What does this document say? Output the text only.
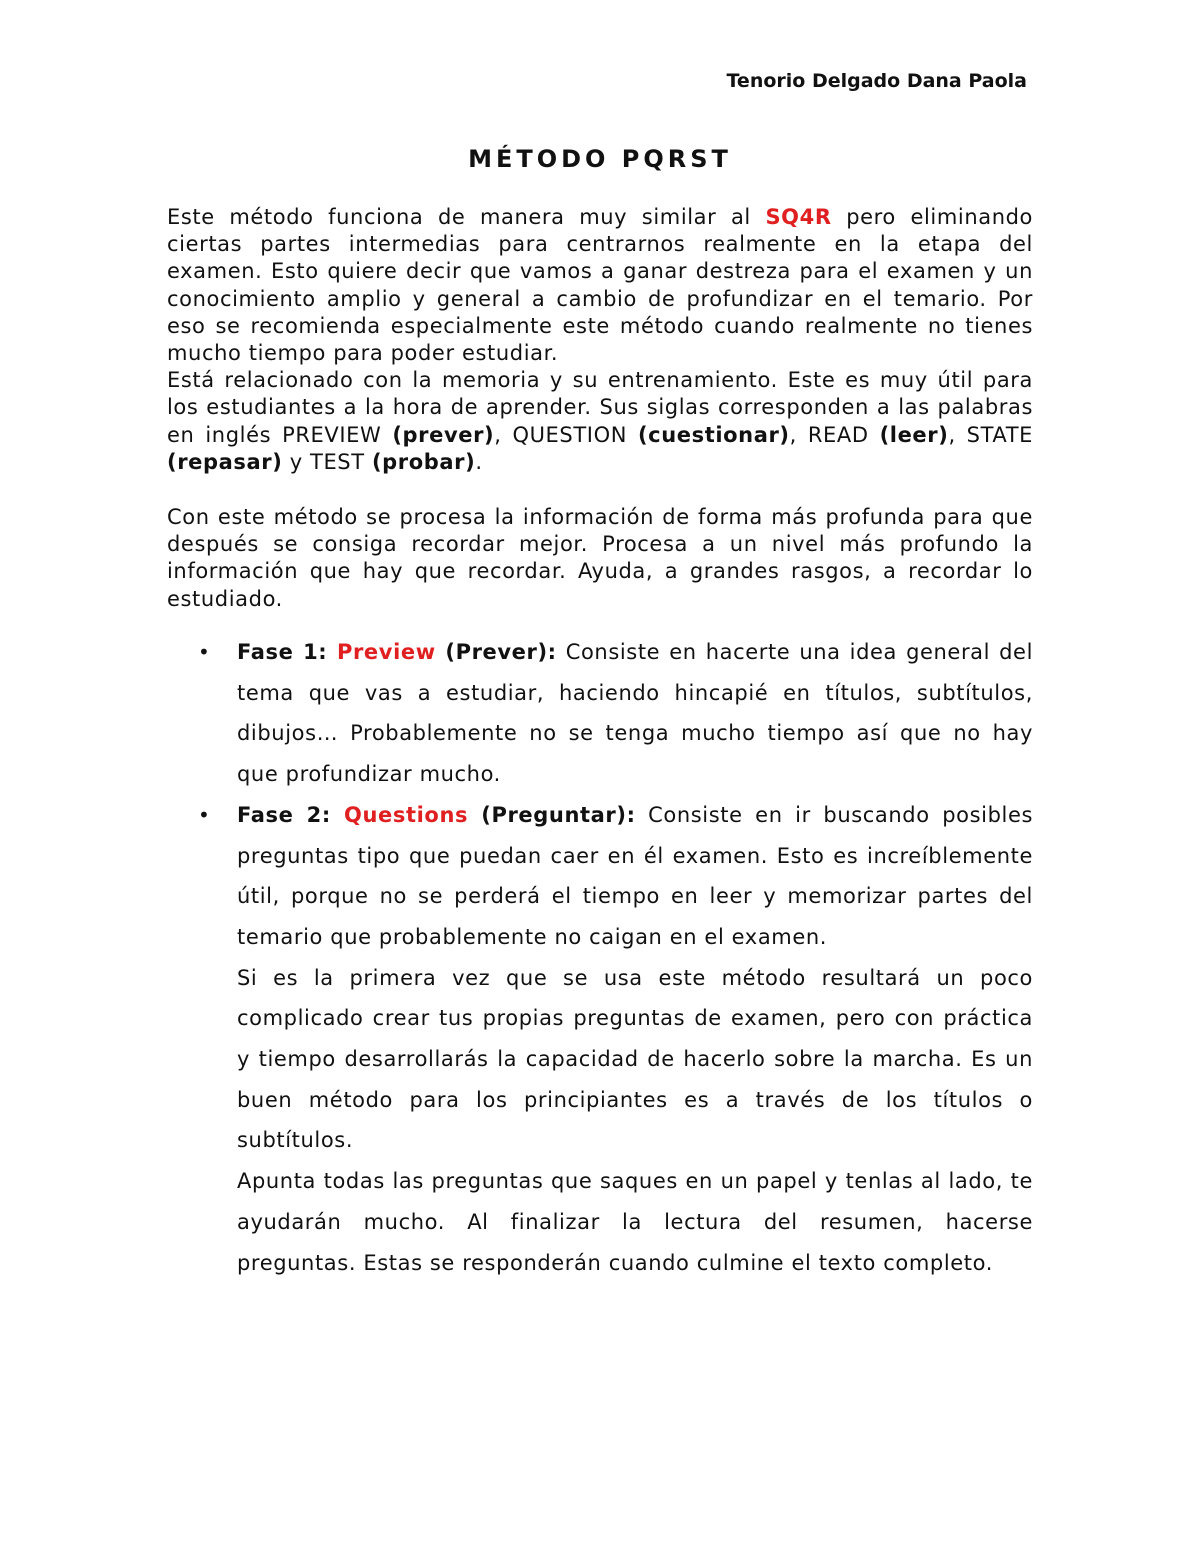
Tenorio Delgado Dana Paola
MÉTODO PQRST

Este método funciona de manera muy similar al SQ4R pero eliminando ciertas partes intermedias para centrarnos realmente en la etapa del examen. Esto quiere decir que vamos a ganar destreza para el examen y un conocimiento amplio y general a cambio de profundizar en el temario. Por eso se recomienda especialmente este método cuando realmente no tienes mucho tiempo para poder estudiar.

Está relacionado con la memoria y su entrenamiento. Este es muy útil para los estudiantes a la hora de aprender. Sus siglas corresponden a las palabras en inglés PREVIEW (prever), QUESTION (cuestionar), READ (leer), STATE (repasar) y TEST (probar).

Con este método se procesa la información de forma más profunda para que después se consiga recordar mejor. Procesa a un nivel más profundo la información que hay que recordar. Ayuda, a grandes rasgos, a recordar lo estudiado.

• Fase 1: Preview (Prever): Consiste en hacerte una idea general del tema que vas a estudiar, haciendo hincapié en títulos, subtítulos, dibujos… Probablemente no se tenga mucho tiempo así que no hay que profundizar mucho.

• Fase 2: Questions (Preguntar): Consiste en ir buscando posibles preguntas tipo que puedan caer en él examen. Esto es increíblemente útil, porque no se perderá el tiempo en leer y memorizar partes del temario que probablemente no caigan en el examen.

Si es la primera vez que se usa este método resultará un poco complicado crear tus propias preguntas de examen, pero con práctica y tiempo desarrollarás la capacidad de hacerlo sobre la marcha. Es un buen método para los principiantes es a través de los títulos o subtítulos.

Apunta todas las preguntas que saques en un papel y tenlas al lado, te ayudarán mucho. Al finalizar la lectura del resumen, hacerse preguntas. Estas se responderán cuando culmine el texto completo.
